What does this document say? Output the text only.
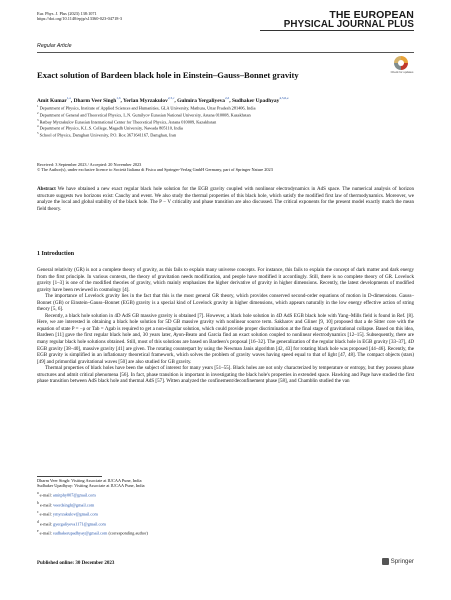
Eur. Phys. J. Plus (2023) 138:1071
https://doi.org/10.1140/epjp/s13360-023-04718-3	THE EUROPEAN
PHYSICAL JOURNAL PLUS
Regular Article
Exact solution of Bardeen black hole in Einstein–Gauss–Bonnet gravity	Check for updates
Amit Kumar$^{1,a}$, Dharm Veer Singh$^{1,b}$, Yerlan Myrzakulov$^{2,3,c}$, Gulmira Yergaliyeva$^{2,d}$, Sudhaker Upadhyay$^{4,5,6,e}$
$^1$ Department of Physics, Institute of Applied Sciences and Humanities, GLA University, Mathura, Uttar Pradesh 281406, India
$^2$ Department of General and Theoretical Physics, L.N. Gumilyov Eurasian National University, Astana 010008, Kazakhstan
$^3$ Ratbay Myrzakulov Eurasian International Center for Theoretical Physics, Astana 010009, Kazakhstan
$^4$ Department of Physics, K.L.S. College, Magadh University, Nawada 805110, India
$^5$ School of Physics, Damghan University, P.O. Box 3671641167, Damghan, Iran
Received: 3 September 2023 / Accepted: 20 November 2023
© The Author(s), under exclusive licence to Società Italiana di Fisica and Springer-Verlag GmbH Germany, part of Springer Nature 2023
Abstract We have obtained a new exact regular black hole solution for the EGB gravity coupled with nonlinear electrodynamics in AdS space. The numerical analysis of horizon structure suggests two horizons exist: Cauchy and event. We also study the thermal properties of this black hole, which satisfy the modified first law of thermodynamics. Moreover, we analyze the local and global stability of the black hole. The P − V criticality and phase transition are also discussed. The critical exponents for the present model exactly match the mean field theory.
1 Introduction

General relativity (GR) is not a complete theory of gravity, as this fails to explain many universe concepts. For instance, this fails to explain the concept of dark matter and dark energy from the first principle. In various contexts, the theory of gravitation needs modification, and people have modified it accordingly. Still, there is no complete theory of GR. Lovelock gravity [1–3] is one of the modified theories of gravity, which mainly emphasizes the higher derivative of gravity in higher dimensions. Recently, the latest developments of modified gravity have been reviewed in cosmology [4].

The importance of Lovelock gravity lies in the fact that this is the most general GR theory, which provides conserved second-order equations of motion in D-dimensions. Gauss–Bonnet (GB) or Einstein–Gauss–Bonnet (EGB) gravity is a special kind of Lovelock gravity in higher dimensions, which appears naturally in the low energy effective action of string theory [5, 6].

Recently, a black hole solution in 4D AdS GB massive gravity is obtained [7]. However, a black hole solution in 4D AdS EGB black hole with Yang–Mills field is found in Ref. [8]. Here, we are interested in obtaining a black hole solution for 5D GB massive gravity with nonlinear source term. Sakharov and Gliner [9, 10] proposed that a de Sitter core with the equation of state P = −ρ or Tab = Λgab is required to get a non-singular solution, which could provide proper discrimination at the final stage of gravitational collapse. Based on this idea, Bardeen [11] gave the first regular black hole and, 30 years later, Ayon-Beato and Garcia find an exact solution coupled to nonlinear electrodynamics [12–15]. Subsequently, there are many regular black hole solutions obtained. Still, most of this solutions are based on Bardeen's proposal [16–32]. The generalization of the regular black hole in EGB gravity [33–37], 4D EGB gravity [38–40], massive gravity [41] are given. The rotating counterpart by using the Newman Janis algorithm [42, 43] for rotating black hole was proposed [44–46]. Recently, the EGB gravity is simplified in an inflationary theoretical framework, which solves the problem of gravity waves having speed equal to that of light [47, 48]. The compact objects (stars) [49] and primordial gravitational waves [50] are also studied for GB gravity.

Thermal properties of black holes have been the subject of interest for many years [51–55]. Black holes are not only characterized by temperature or entropy, but they possess phase structures and admit critical phenomena [56]. In fact, phase transition is important in investigating the black hole's properties in extended space. Hawking and Page have studied the first phase transition between AdS black hole and thermal AdS [57]. Witten analyzed the confinement/deconfinement phase [58], and Chamblin studied the van

Dharm Veer Singh: Visiting Associate at IUCAA Pune, India
Sudhaker Upadhyay: Visiting Associate at IUCAA Pune, India
$^a$ e-mail: amitphy007@gmail.com
$^b$ e-mail: veerdsingh@gmail.com
$^c$ e-mail: ymyrzakulov@gmail.com
$^d$ e-mail: gyergaliyeva1171@gmail.com
$^e$ e-mail: sudhakerupadhyay@gmail.com (corresponding author)
Published online: 30 December 2023	Springer
